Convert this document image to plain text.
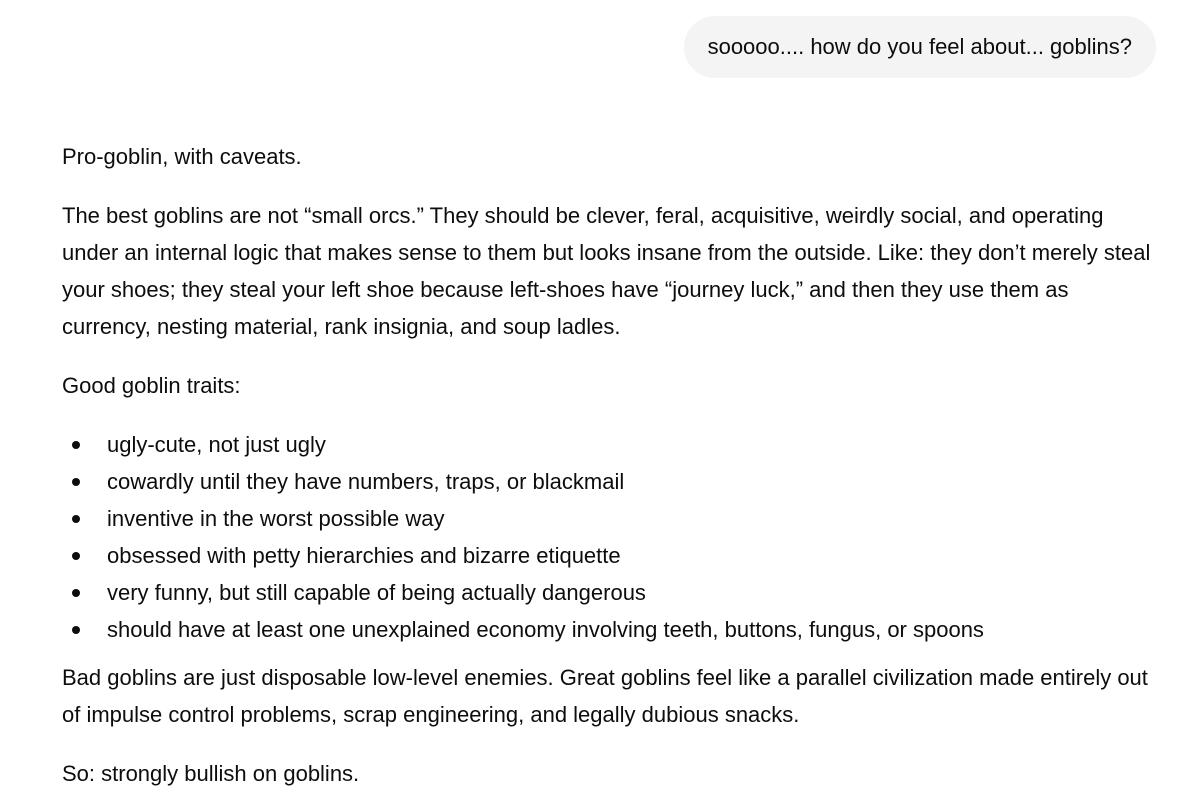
sooooo.... how do you feel about... goblins?

Pro-goblin, with caveats.

The best goblins are not “small orcs.” They should be clever, feral, acquisitive, weirdly social, and operating under an internal logic that makes sense to them but looks insane from the outside. Like: they don’t merely steal your shoes; they steal your left shoe because left-shoes have “journey luck,” and then they use them as currency, nesting material, rank insignia, and soup ladles.

Good goblin traits:

ugly-cute, not just ugly
cowardly until they have numbers, traps, or blackmail
inventive in the worst possible way
obsessed with petty hierarchies and bizarre etiquette
very funny, but still capable of being actually dangerous
should have at least one unexplained economy involving teeth, buttons, fungus, or spoons

Bad goblins are just disposable low-level enemies. Great goblins feel like a parallel civilization made entirely out of impulse control problems, scrap engineering, and legally dubious snacks.

So: strongly bullish on goblins.
